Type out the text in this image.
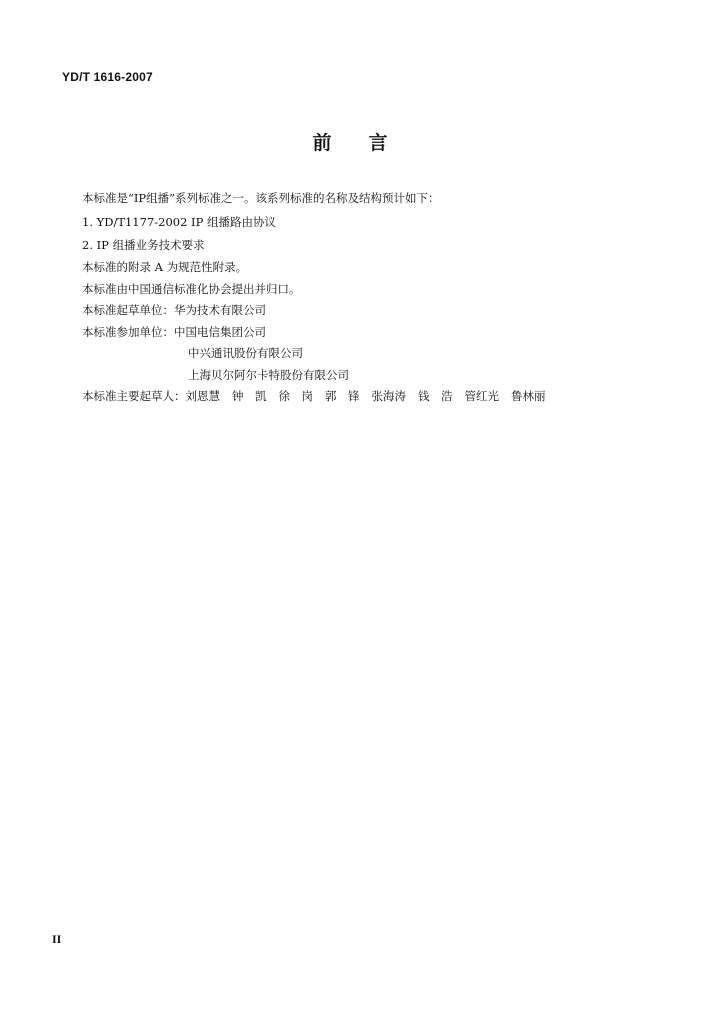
YD/T 1616-2007
前 言
本标准是“IP组播”系列标准之一。该系列标准的名称及结构预计如下：
1. YD/T1177-2002 IP 组播路由协议
2. IP 组播业务技术要求
本标准的附录 A 为规范性附录。
本标准由中国通信标准化协会提出并归口。
本标准起草单位：华为技术有限公司
本标准参加单位：中国电信集团公司
中兴通讯股份有限公司
上海贝尔阿尔卡特股份有限公司
本标准主要起草人：刘恩慧 钟　凯 徐　岗 郭　锋 张海涛 钱　浩 管红光 鲁林丽
II
